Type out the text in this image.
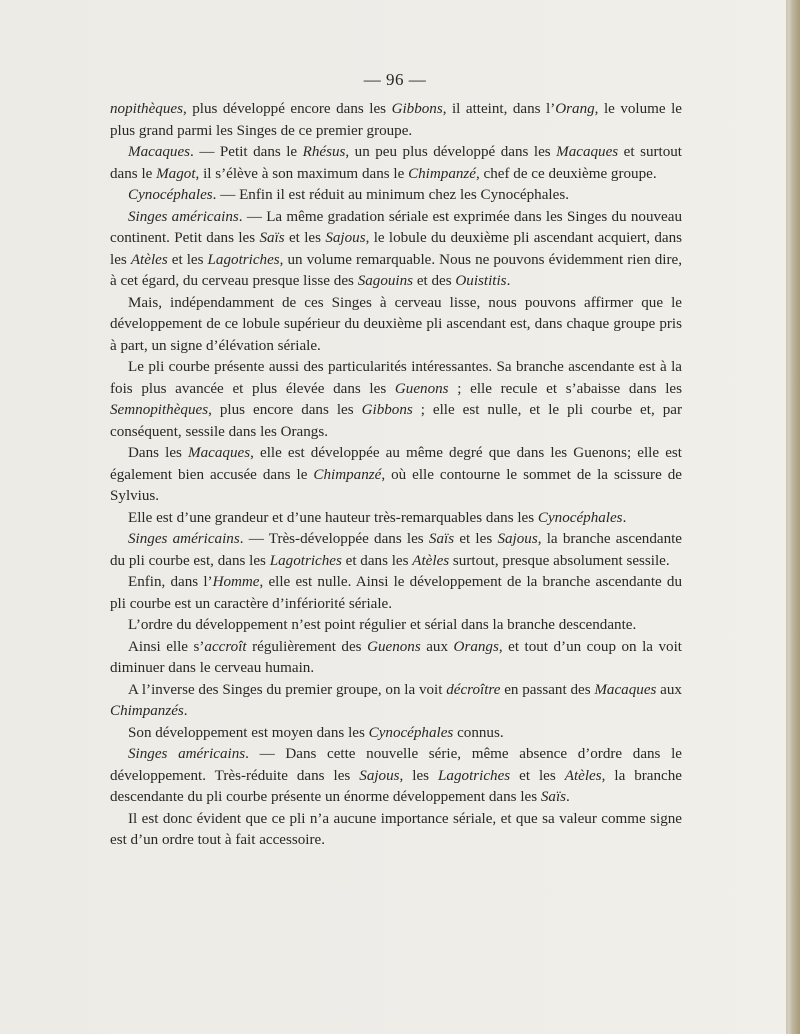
— 96 —

nopithèques, plus développé encore dans les Gibbons, il atteint, dans l’Orang, le volume le plus grand parmi les Singes de ce premier groupe.

Macaques. — Petit dans le Rhésus, un peu plus développé dans les Macaques et surtout dans le Magot, il s’élève à son maximum dans le Chimpanzé, chef de ce deuxième groupe.

Cynocéphales. — Enfin il est réduit au minimum chez les Cynocéphales.

Singes américains. — La même gradation sériale est exprimée dans les Singes du nouveau continent. Petit dans les Saïs et les Sajous, le lobule du deuxième pli ascendant acquiert, dans les Atèles et les Lagotriches, un volume remarquable. Nous ne pouvons évidemment rien dire, à cet égard, du cerveau presque lisse des Sagouins et des Ouistitis.

Mais, indépendamment de ces Singes à cerveau lisse, nous pouvons affirmer que le développement de ce lobule supérieur du deuxième pli ascendant est, dans chaque groupe pris à part, un signe d’élévation sériale.

Le pli courbe présente aussi des particularités intéressantes. Sa branche ascendante est à la fois plus avancée et plus élevée dans les Guenons ; elle recule et s’abaisse dans les Semnopithèques, plus encore dans les Gibbons ; elle est nulle, et le pli courbe et, par conséquent, sessile dans les Orangs.

Dans les Macaques, elle est développée au même degré que dans les Guenons; elle est également bien accusée dans le Chimpanzé, où elle contourne le sommet de la scissure de Sylvius.

Elle est d’une grandeur et d’une hauteur très-remarquables dans les Cynocéphales.

Singes américains. — Très-développée dans les Saïs et les Sajous, la branche ascendante du pli courbe est, dans les Lagotriches et dans les Atèles surtout, presque absolument sessile.

Enfin, dans l’Homme, elle est nulle. Ainsi le développement de la branche ascendante du pli courbe est un caractère d’infériorité sériale.

L’ordre du développement n’est point régulier et sérial dans la branche descendante.

Ainsi elle s’accroît régulièrement des Guenons aux Orangs, et tout d’un coup on la voit diminuer dans le cerveau humain.

A l’inverse des Singes du premier groupe, on la voit décroître en passant des Macaques aux Chimpanzés.

Son développement est moyen dans les Cynocéphales connus.

Singes américains. — Dans cette nouvelle série, même absence d’ordre dans le développement. Très-réduite dans les Sajous, les Lagotriches et les Atèles, la branche descendante du pli courbe présente un énorme développement dans les Saïs.

Il est donc évident que ce pli n’a aucune importance sériale, et que sa valeur comme signe est d’un ordre tout à fait accessoire.
